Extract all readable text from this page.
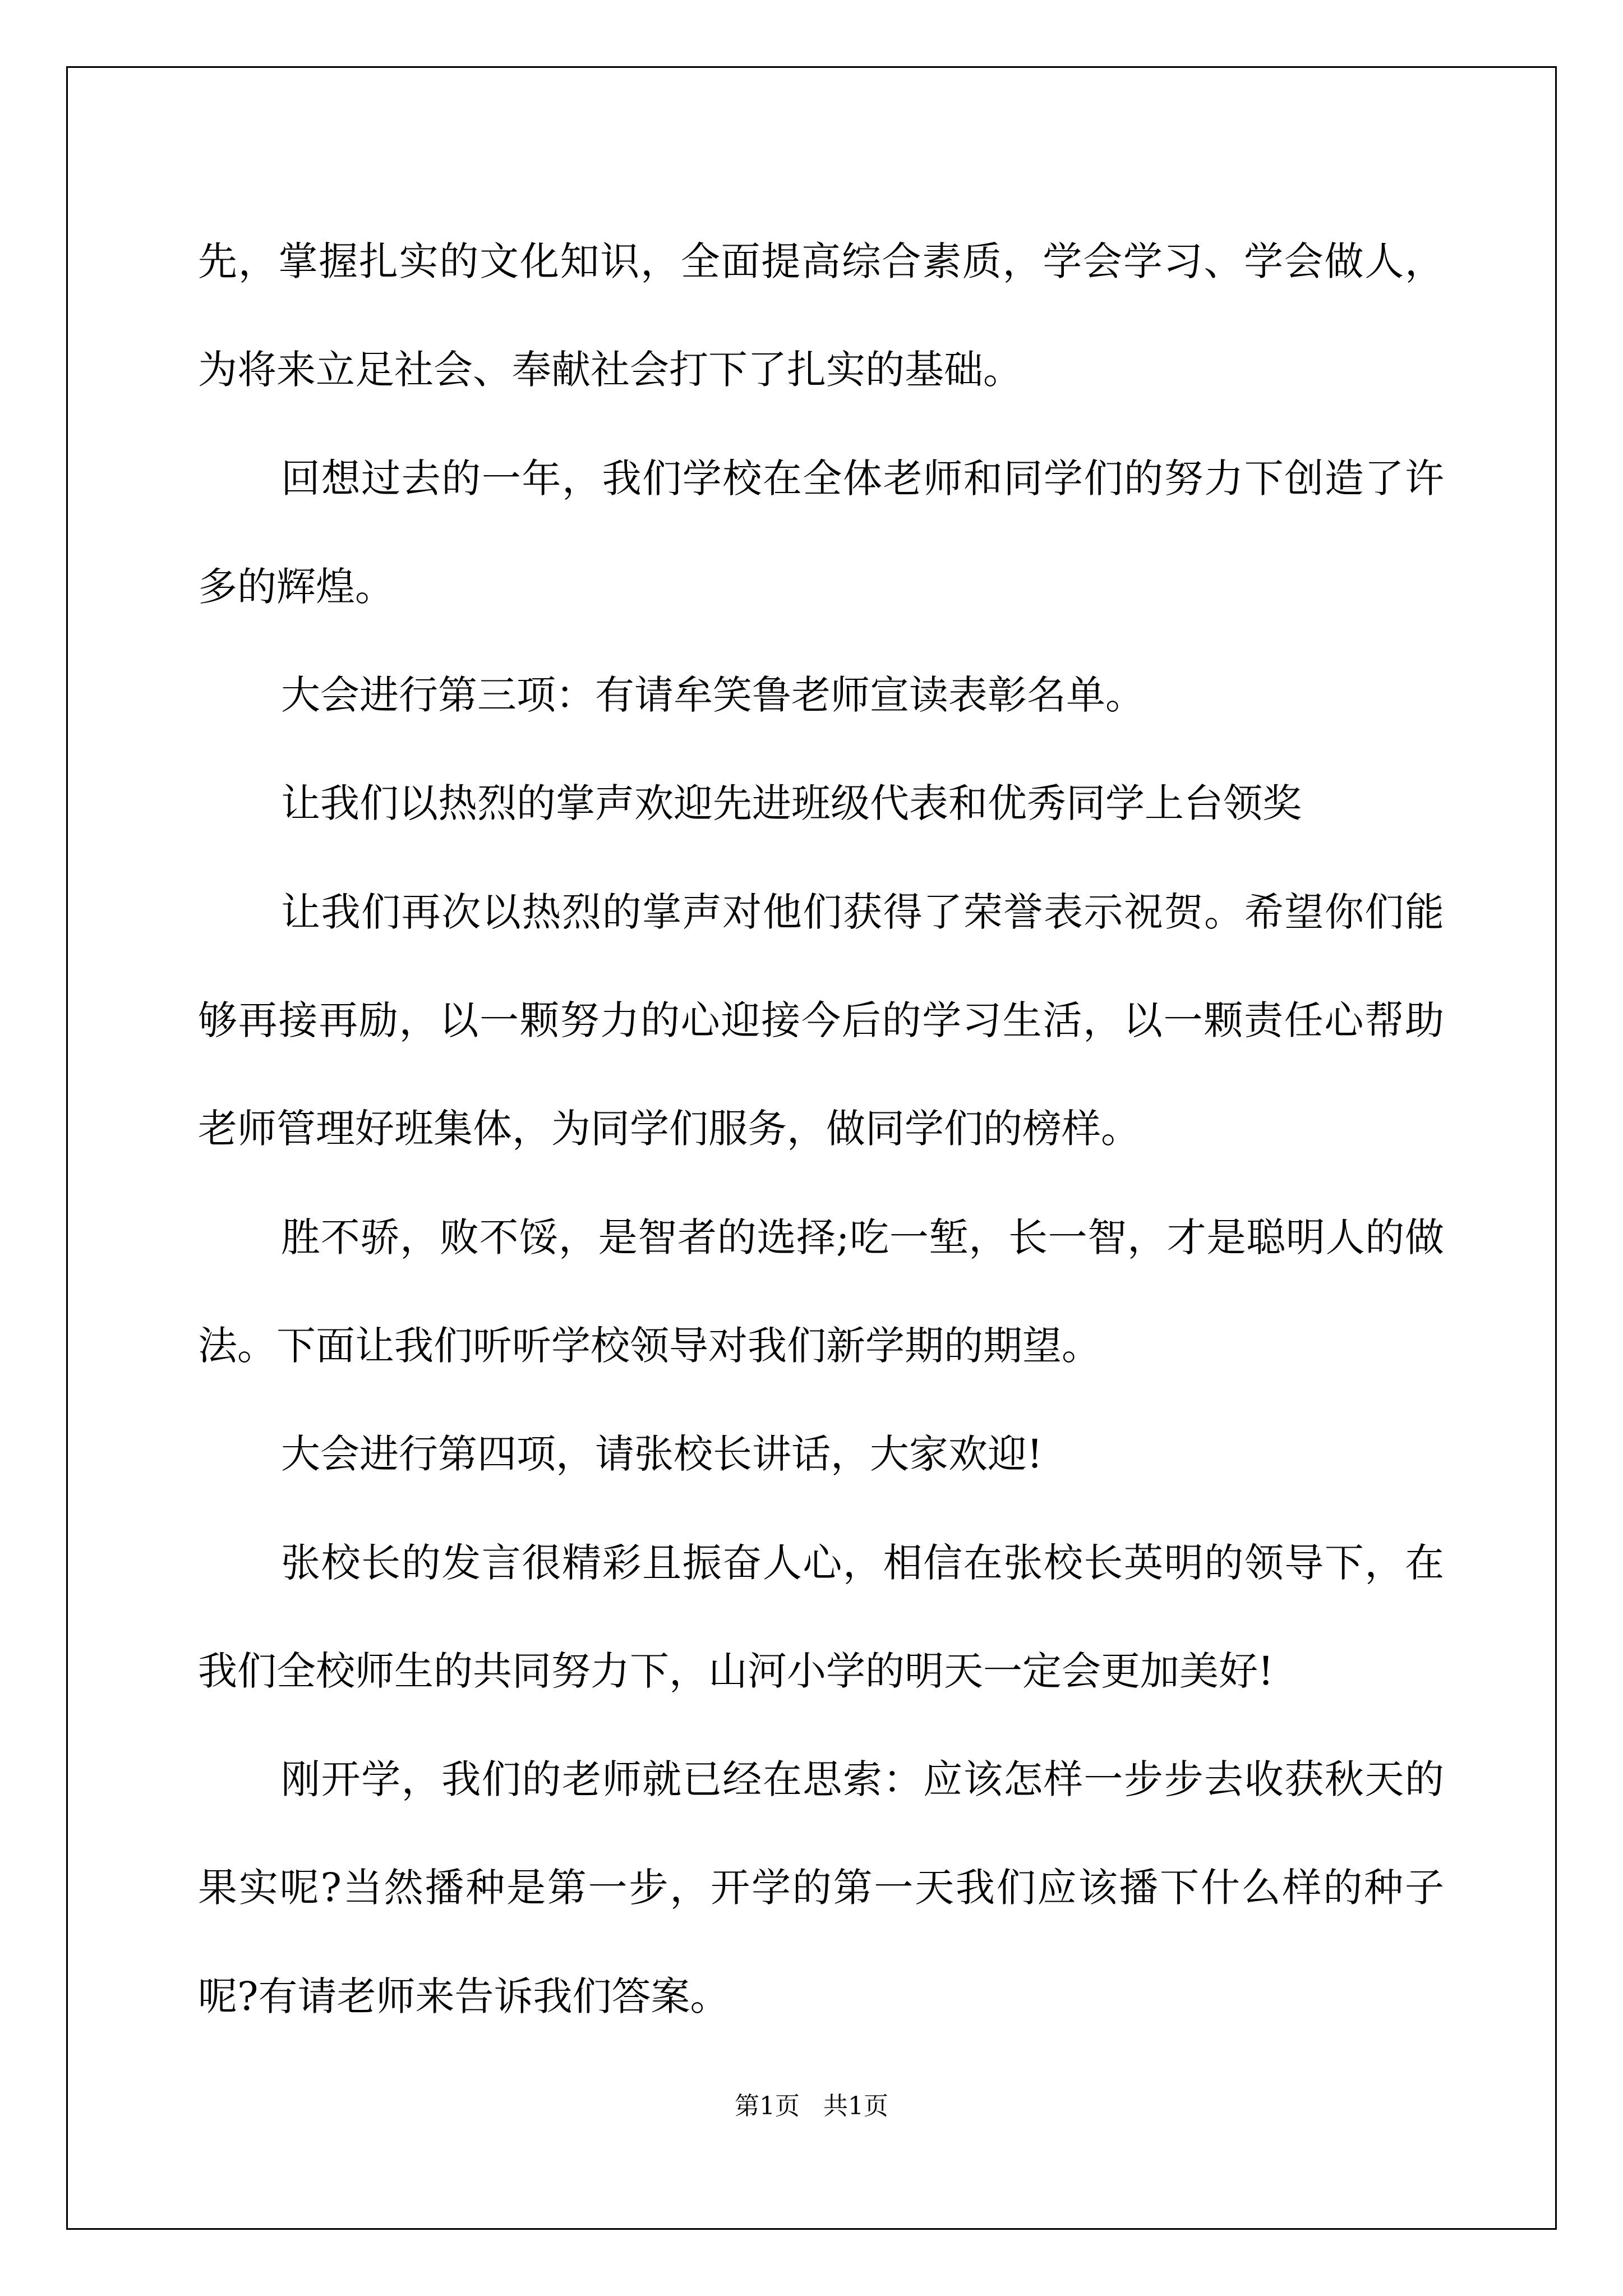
先，掌握扎实的文化知识，全面提高综合素质，学会学习、学会做人，为将来立足社会、奉献社会打下了扎实的基础。

回想过去的一年，我们学校在全体老师和同学们的努力下创造了许多的辉煌。

大会进行第三项：有请牟笑鲁老师宣读表彰名单。

让我们以热烈的掌声欢迎先进班级代表和优秀同学上台领奖

让我们再次以热烈的掌声对他们获得了荣誉表示祝贺。希望你们能够再接再励，以一颗努力的心迎接今后的学习生活，以一颗责任心帮助老师管理好班集体，为同学们服务，做同学们的榜样。

胜不骄，败不馁，是智者的选择;吃一堑，长一智，才是聪明人的做法。下面让我们听听学校领导对我们新学期的期望。

大会进行第四项，请张校长讲话，大家欢迎!

张校长的发言很精彩且振奋人心，相信在张校长英明的领导下，在我们全校师生的共同努力下，山河小学的明天一定会更加美好!

刚开学，我们的老师就已经在思索：应该怎样一步步去收获秋天的果实呢?当然播种是第一步，开学的第一天我们应该播下什么样的种子呢?有请老师来告诉我们答案。

第1页   共1页
